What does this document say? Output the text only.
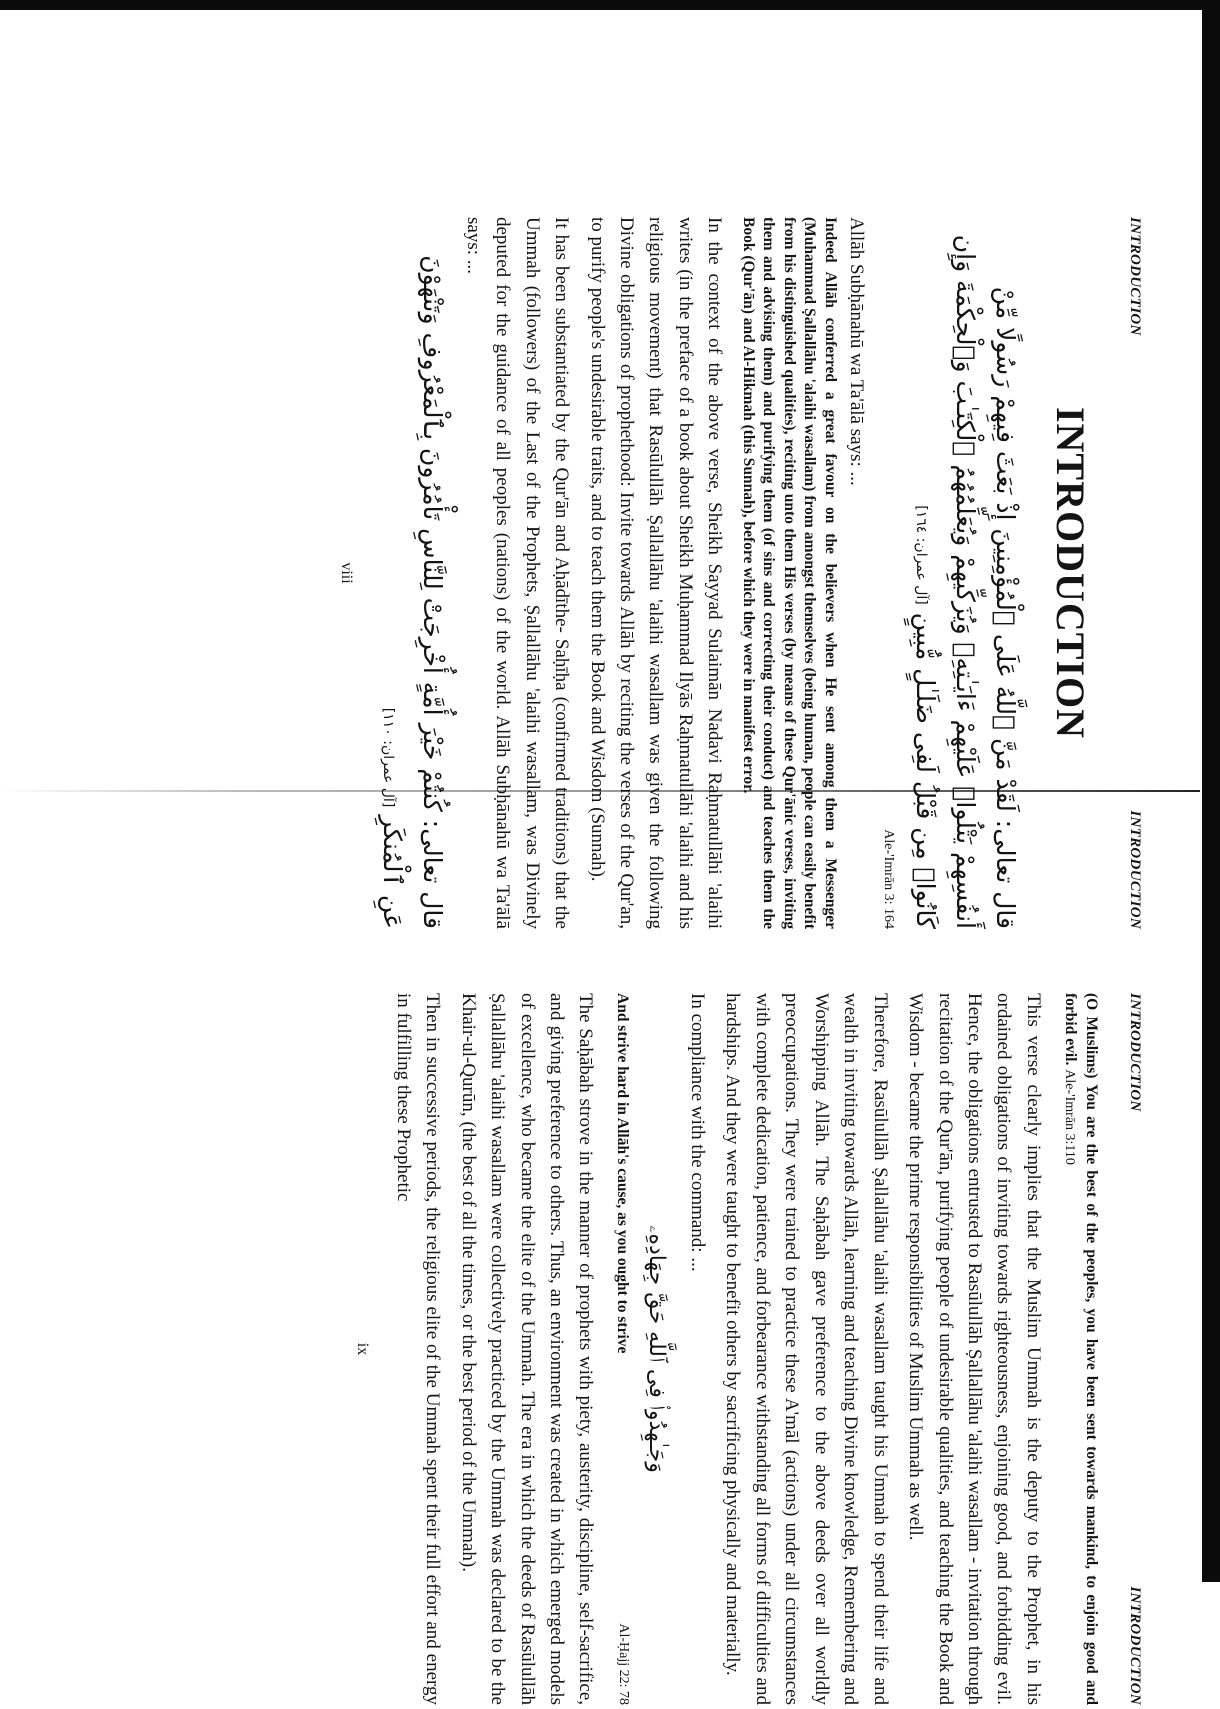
INTRODUCTION
INTRODUCTION
INTRODUCTION
قال تعالى: لَقَدْ مَنَّ ٱللَّهُ عَلَى ٱلْمُؤْمِنِينَ إِذْ بَعَثَ فِيهِمْ رَسُولًا مِّنْ أَنفُسِهِمْ يَتْلُوا۟ عَلَيْهِمْ ءَايَـٰتِهِۦ وَيُزَكِّيهِمْ وَيُعَلِّمُهُمُ ٱلْكِتَـٰبَ وَٱلْحِكْمَةَ وَإِن كَانُوا۟ مِن قَبْلُ لَفِى ضَلَـٰلٍ مُّبِينٍ [آل عمران: ١٦٤]
Ale-'Imrān 3: 164
Allāh Subḥānahū wa Ta'ālā says: ...
Indeed Allāh conferred a great favour on the believers when He sent among them a Messenger (Muhammad Ṣallallāhu 'alaihi wasallam) from amongst themselves (being human, people can easily benefit from his distinguished qualities), reciting unto them His verses (by means of these Qur'ānic verses, inviting them and advising them) and purifying them (of sins and correcting their conduct) and teaches them the Book (Qur'ān) and Al-Hikmah (this Sunnah), before which they were in manifest error.

In the context of the above verse, Sheikh Sayyad Sulaimān Nadavi Raḥmatullāhi 'alaihi writes (in the preface of a book about Sheikh Muḥammad Ilyās Raḥmatullāhi 'alaihi and his religious movement) that Rasūlullāh Ṣallallāhu 'alaihi wasallam was given the following Divine obligations of prophethood: Invite towards Allāh by reciting the verses of the Qur'an, to purify people's undesirable traits, and to teach them the Book and Wisdom (Sunnah).

It has been substantiated by the Qur'ān and Aḥādīthe- Saḥīḥa (confirmed traditions) that the Ummah (followers) of the Last of the Prophets, Ṣallallāhu 'alaihi wasallam, was Divinely deputed for the guidance of all peoples (nations) of the world. Allāh Subḥānahū wa Ta'ālā says: ...

قال تعالى: كُنتُمْ خَيْرَ أُمَّةٍ أُخْرِجَتْ لِلنَّاسِ تَأْمُرُونَ بِٱلْمَعْرُوفِ وَتَنْهَوْنَ عَنِ ٱلْمُنكَرِ [آل عمران: ١١٠]
viii
INTRODUCTION
INTRODUCTION

(O Muslims) You are the best of the peoples, you have been sent towards mankind, to enjoin good and forbid evil. Ale-'Imrān 3:110

This verse clearly implies that the Muslim Ummah is the deputy to the Prophet, in his ordained obligations of inviting towards righteousness, enjoining good, and forbidding evil. Hence, the obligations entrusted to Rasūlullāh Ṣallallāhu 'alaihi wasallam - invitation through recitation of the Qur'ān, purifying people of undesirable qualities, and teaching the Book and Wisdom - became the prime responsibilities of Muslim Ummah as well.

Therefore, Rasūlullāh Ṣallallāhu 'alaihi wasallam taught his Ummah to spend their life and wealth in inviting towards Allāh, learning and teaching Divine knowledge, Remembering and Worshipping Allāh. The Saḥābah gave preference to the above deeds over all worldly preoccupations. They were trained to practice these A'māl (actions) under all circumstances with complete dedication, patience, and forbearance withstanding all forms of difficulties and hardships. And they were taught to benefit others by sacrificing physically and materially.

In compliance with the command: ...

وَجَـٰهِدُوا۟ فِى ٱللَّهِ حَقَّ جِهَادِهِۦ
And strive hard in Allāh's cause, as you ought to strive
Al-Ḥajj 22: 78

The Saḥābah strove in the manner of prophets with piety, austerity, discipline, self-sacrifice, and giving preference to others. Thus, an environment was created in which emerged models of excellence, who became the elite of the Ummah. The era in which the deeds of Rasūlullāh Ṣallallāhu 'alaihi wasallam were collectively practiced by the Ummah was declared to be the Khair-ul-Qurūn, (the best of all the times, or the best period of the Ummah).

Then in successive periods, the religious elite of the Ummah spent their full effort and energy in fulfilling these Prophetic

ix
